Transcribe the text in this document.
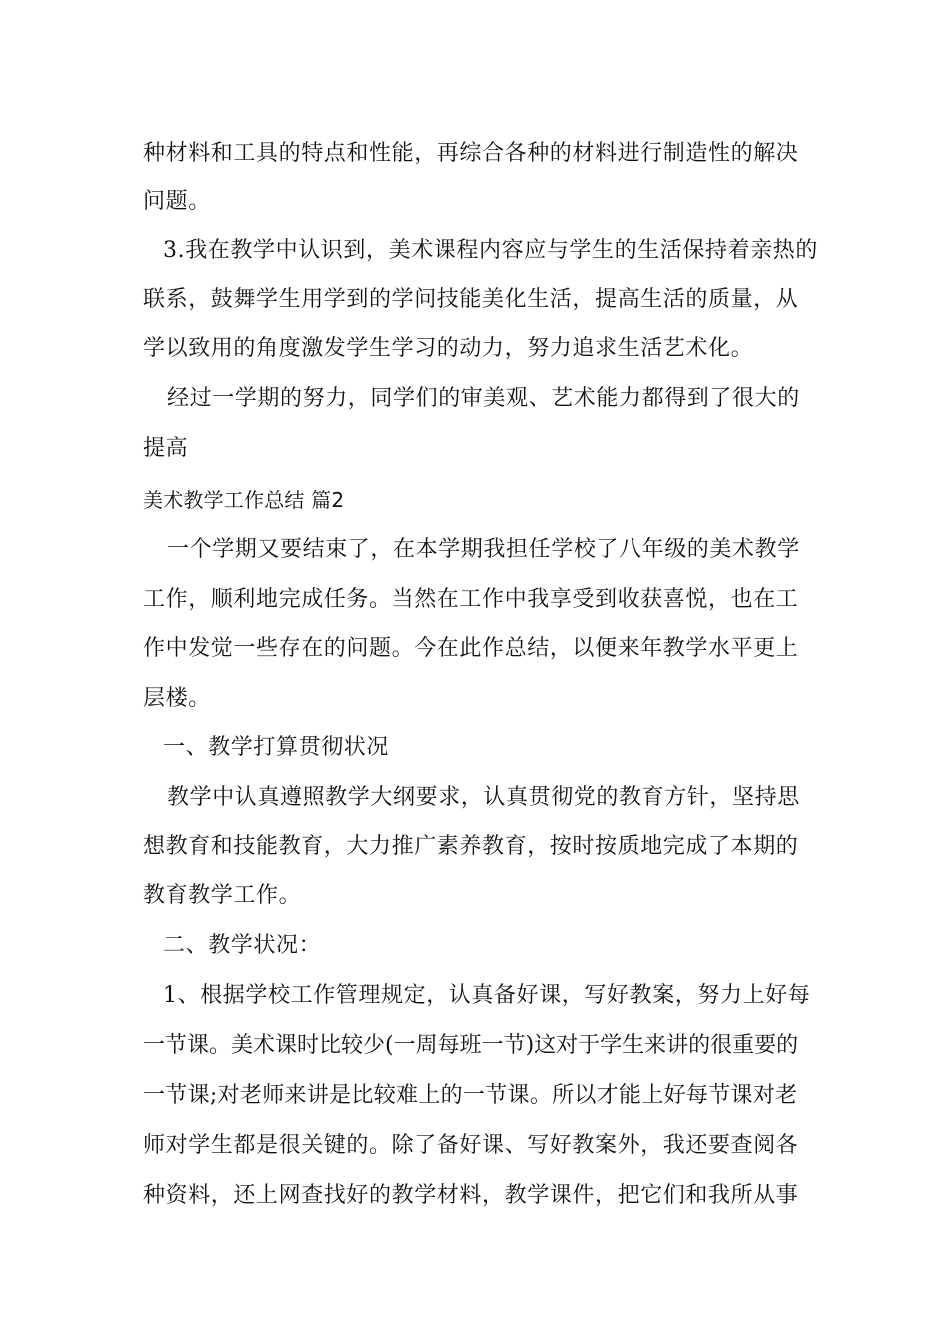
种材料和工具的特点和性能，再综合各种的材料进行制造性的解决
问题。
3.我在教学中认识到，美术课程内容应与学生的生活保持着亲热的
联系，鼓舞学生用学到的学问技能美化生活，提高生活的质量，从
学以致用的角度激发学生学习的动力，努力追求生活艺术化。
经过一学期的努力，同学们的审美观、艺术能力都得到了很大的
提高
美术教学工作总结 篇2
一个学期又要结束了，在本学期我担任学校了八年级的美术教学
工作，顺利地完成任务。当然在工作中我享受到收获喜悦，也在工
作中发觉一些存在的问题。今在此作总结，以便来年教学水平更上
层楼。
一、教学打算贯彻状况
教学中认真遵照教学大纲要求，认真贯彻党的教育方针，坚持思
想教育和技能教育，大力推广素养教育，按时按质地完成了本期的
教育教学工作。
二、教学状况：
1、根据学校工作管理规定，认真备好课，写好教案，努力上好每
一节课。美术课时比较少(一周每班一节)这对于学生来讲的很重要的
一节课;对老师来讲是比较难上的一节课。所以才能上好每节课对老
师对学生都是很关键的。除了备好课、写好教案外，我还要查阅各
种资料，还上网查找好的教学材料，教学课件，把它们和我所从事
